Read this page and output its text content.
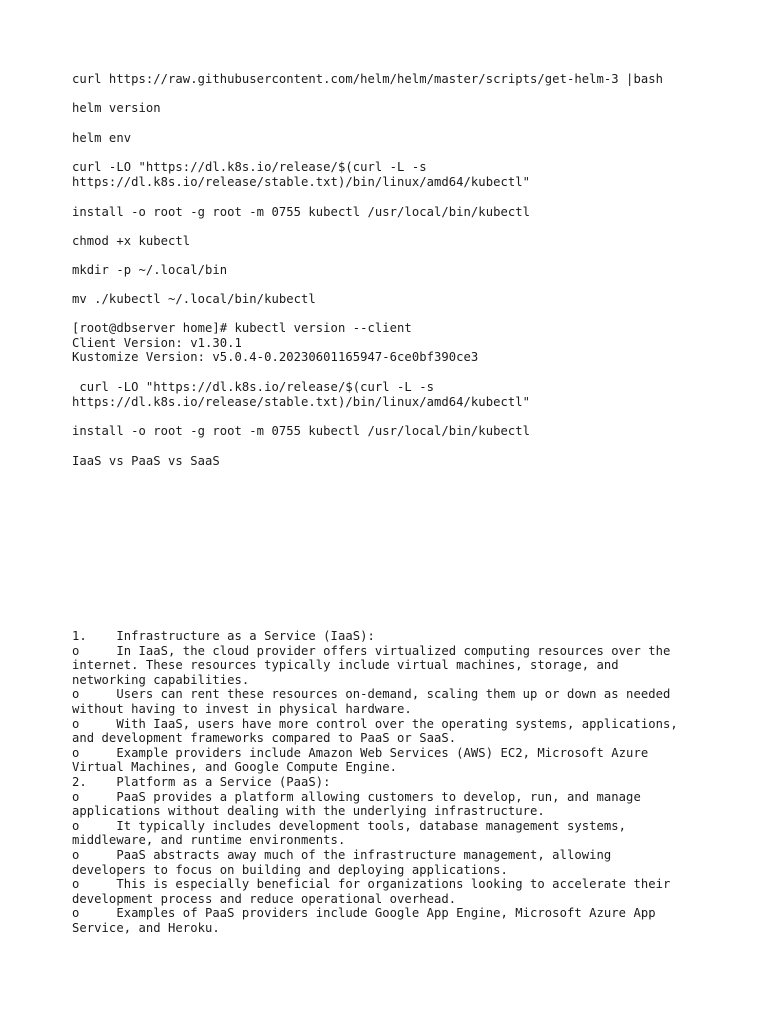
curl https://raw.githubusercontent.com/helm/helm/master/scripts/get-helm-3 |bash
helm version
helm env
curl -LO "https://dl.k8s.io/release/$(curl -L -s
https://dl.k8s.io/release/stable.txt)/bin/linux/amd64/kubectl"
install -o root -g root -m 0755 kubectl /usr/local/bin/kubectl
chmod +x kubectl
mkdir -p ~/.local/bin
mv ./kubectl ~/.local/bin/kubectl
[root@dbserver home]# kubectl version --client
Client Version: v1.30.1
Kustomize Version: v5.0.4-0.20230601165947-6ce0bf390ce3
curl -LO "https://dl.k8s.io/release/$(curl -L -s
https://dl.k8s.io/release/stable.txt)/bin/linux/amd64/kubectl"
install -o root -g root -m 0755 kubectl /usr/local/bin/kubectl
IaaS vs PaaS vs SaaS
1.    Infrastructure as a Service (IaaS):
o     In IaaS, the cloud provider offers virtualized computing resources over the
internet. These resources typically include virtual machines, storage, and
networking capabilities.
o     Users can rent these resources on-demand, scaling them up or down as needed
without having to invest in physical hardware.
o     With IaaS, users have more control over the operating systems, applications,
and development frameworks compared to PaaS or SaaS.
o     Example providers include Amazon Web Services (AWS) EC2, Microsoft Azure
Virtual Machines, and Google Compute Engine.
2.    Platform as a Service (PaaS):
o     PaaS provides a platform allowing customers to develop, run, and manage
applications without dealing with the underlying infrastructure.
o     It typically includes development tools, database management systems,
middleware, and runtime environments.
o     PaaS abstracts away much of the infrastructure management, allowing
developers to focus on building and deploying applications.
o     This is especially beneficial for organizations looking to accelerate their
development process and reduce operational overhead.
o     Examples of PaaS providers include Google App Engine, Microsoft Azure App
Service, and Heroku.
